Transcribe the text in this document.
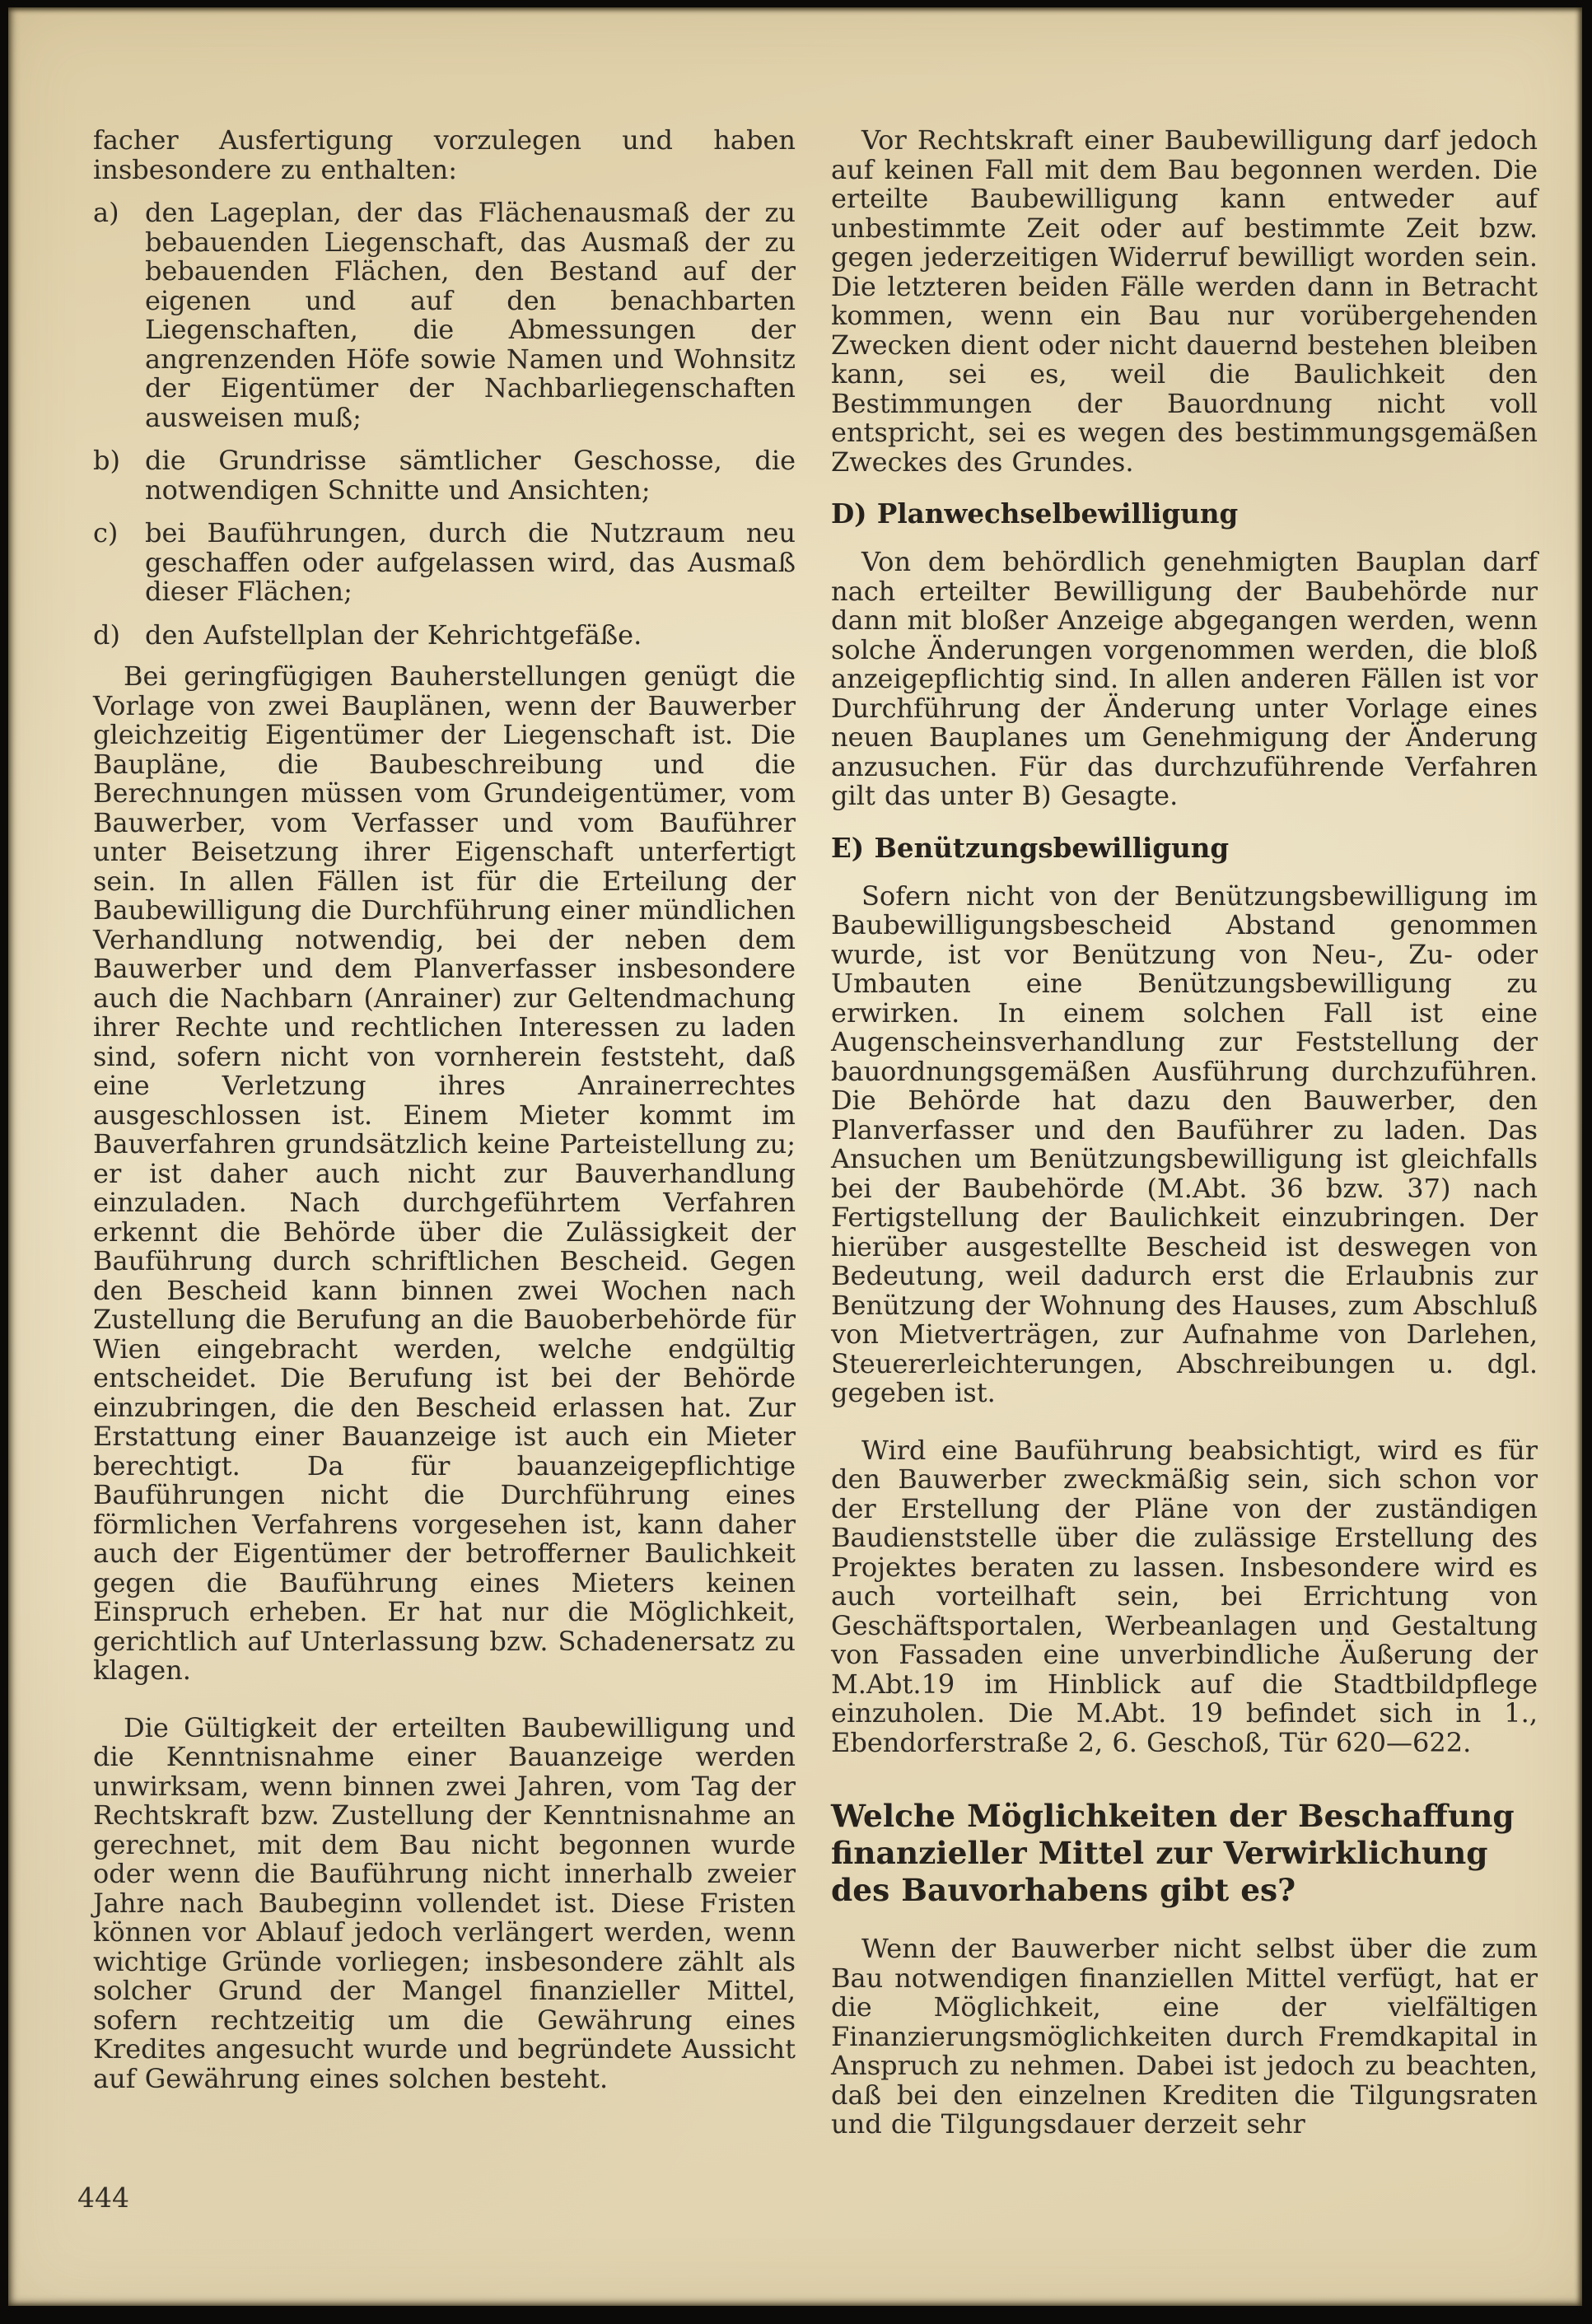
facher Ausfertigung vorzulegen und haben insbesondere zu enthalten:

a) den Lageplan, der das Flächenausmaß der zu bebauenden Liegenschaft, das Ausmaß der zu bebauenden Flächen, den Bestand auf der eigenen und auf den benachbarten Liegenschaften, die Abmessungen der angrenzenden Höfe sowie Namen und Wohnsitz der Eigentümer der Nachbarliegenschaften ausweisen muß;
b) die Grundrisse sämtlicher Geschosse, die notwendigen Schnitte und Ansichten;
c) bei Bauführungen, durch die Nutzraum neu geschaffen oder aufgelassen wird, das Ausmaß dieser Flächen;
d) den Aufstellplan der Kehrichtgefäße.

Bei geringfügigen Bauherstellungen genügt die Vorlage von zwei Bauplänen, wenn der Bauwerber gleichzeitig Eigentümer der Liegenschaft ist. Die Baupläne, die Baubeschreibung und die Berechnungen müssen vom Grundeigentümer, vom Bauwerber, vom Verfasser und vom Bauführer unter Beisetzung ihrer Eigenschaft unterfertigt sein. In allen Fällen ist für die Erteilung der Baubewilligung die Durchführung einer mündlichen Verhandlung notwendig, bei der neben dem Bauwerber und dem Planverfasser insbesondere auch die Nachbarn (Anrainer) zur Geltendmachung ihrer Rechte und rechtlichen Interessen zu laden sind, sofern nicht von vornherein feststeht, daß eine Verletzung ihres Anrainerrechtes ausgeschlossen ist. Einem Mieter kommt im Bauverfahren grundsätzlich keine Parteistellung zu; er ist daher auch nicht zur Bauverhandlung einzuladen. Nach durchgeführtem Verfahren erkennt die Behörde über die Zulässigkeit der Bauführung durch schriftlichen Bescheid. Gegen den Bescheid kann binnen zwei Wochen nach Zustellung die Berufung an die Bauoberbehörde für Wien eingebracht werden, welche endgültig entscheidet. Die Berufung ist bei der Behörde einzubringen, die den Bescheid erlassen hat. Zur Erstattung einer Bauanzeige ist auch ein Mieter berechtigt. Da für bauanzeigepflichtige Bauführungen nicht die Durchführung eines förmlichen Verfahrens vorgesehen ist, kann daher auch der Eigentümer der betrofferner Baulichkeit gegen die Bauführung eines Mieters keinen Einspruch erheben. Er hat nur die Möglichkeit, gerichtlich auf Unterlassung bzw. Schadenersatz zu klagen.

Die Gültigkeit der erteilten Baubewilligung und die Kenntnisnahme einer Bauanzeige werden unwirksam, wenn binnen zwei Jahren, vom Tag der Rechtskraft bzw. Zustellung der Kenntnisnahme an gerechnet, mit dem Bau nicht begonnen wurde oder wenn die Bauführung nicht innerhalb zweier Jahre nach Baubeginn vollendet ist. Diese Fristen können vor Ablauf jedoch verlängert werden, wenn wichtige Gründe vorliegen; insbesondere zählt als solcher Grund der Mangel finanzieller Mittel, sofern rechtzeitig um die Gewährung eines Kredites angesucht wurde und begründete Aussicht auf Gewährung eines solchen besteht.

Vor Rechtskraft einer Baubewilligung darf jedoch auf keinen Fall mit dem Bau begonnen werden. Die erteilte Baubewilligung kann entweder auf unbestimmte Zeit oder auf bestimmte Zeit bzw. gegen jederzeitigen Widerruf bewilligt worden sein. Die letzteren beiden Fälle werden dann in Betracht kommen, wenn ein Bau nur vorübergehenden Zwecken dient oder nicht dauernd bestehen bleiben kann, sei es, weil die Baulichkeit den Bestimmungen der Bauordnung nicht voll entspricht, sei es wegen des bestimmungsgemäßen Zweckes des Grundes.

D) Planwechselbewilligung

Von dem behördlich genehmigten Bauplan darf nach erteilter Bewilligung der Baubehörde nur dann mit bloßer Anzeige abgegangen werden, wenn solche Änderungen vorgenommen werden, die bloß anzeigepflichtig sind. In allen anderen Fällen ist vor Durchführung der Änderung unter Vorlage eines neuen Bauplanes um Genehmigung der Änderung anzusuchen. Für das durchzuführende Verfahren gilt das unter B) Gesagte.

E) Benützungsbewilligung

Sofern nicht von der Benützungsbewilligung im Baubewilligungsbescheid Abstand genommen wurde, ist vor Benützung von Neu-, Zu- oder Umbauten eine Benützungsbewilligung zu erwirken. In einem solchen Fall ist eine Augenscheinsverhandlung zur Feststellung der bauordnungsgemäßen Ausführung durchzuführen. Die Behörde hat dazu den Bauwerber, den Planverfasser und den Bauführer zu laden. Das Ansuchen um Benützungsbewilligung ist gleichfalls bei der Baubehörde (M.Abt. 36 bzw. 37) nach Fertigstellung der Baulichkeit einzubringen. Der hierüber ausgestellte Bescheid ist deswegen von Bedeutung, weil dadurch erst die Erlaubnis zur Benützung der Wohnung des Hauses, zum Abschluß von Mietverträgen, zur Aufnahme von Darlehen, Steuererleichterungen, Abschreibungen u. dgl. gegeben ist.

Wird eine Bauführung beabsichtigt, wird es für den Bauwerber zweckmäßig sein, sich schon vor der Erstellung der Pläne von der zuständigen Baudienststelle über die zulässige Erstellung des Projektes beraten zu lassen. Insbesondere wird es auch vorteilhaft sein, bei Errichtung von Geschäftsportalen, Werbeanlagen und Gestaltung von Fassaden eine unverbindliche Äußerung der M.Abt.19 im Hinblick auf die Stadtbildpflege einzuholen. Die M.Abt. 19 befindet sich in 1., Ebendorferstraße 2, 6. Geschoß, Tür 620—622.

Welche Möglichkeiten der Beschaffung finanzieller Mittel zur Verwirklichung des Bauvorhabens gibt es?

Wenn der Bauwerber nicht selbst über die zum Bau notwendigen finanziellen Mittel verfügt, hat er die Möglichkeit, eine der vielfältigen Finanzierungsmöglichkeiten durch Fremdkapital in Anspruch zu nehmen. Dabei ist jedoch zu beachten, daß bei den einzelnen Krediten die Tilgungsraten und die Tilgungsdauer derzeit sehr

444
